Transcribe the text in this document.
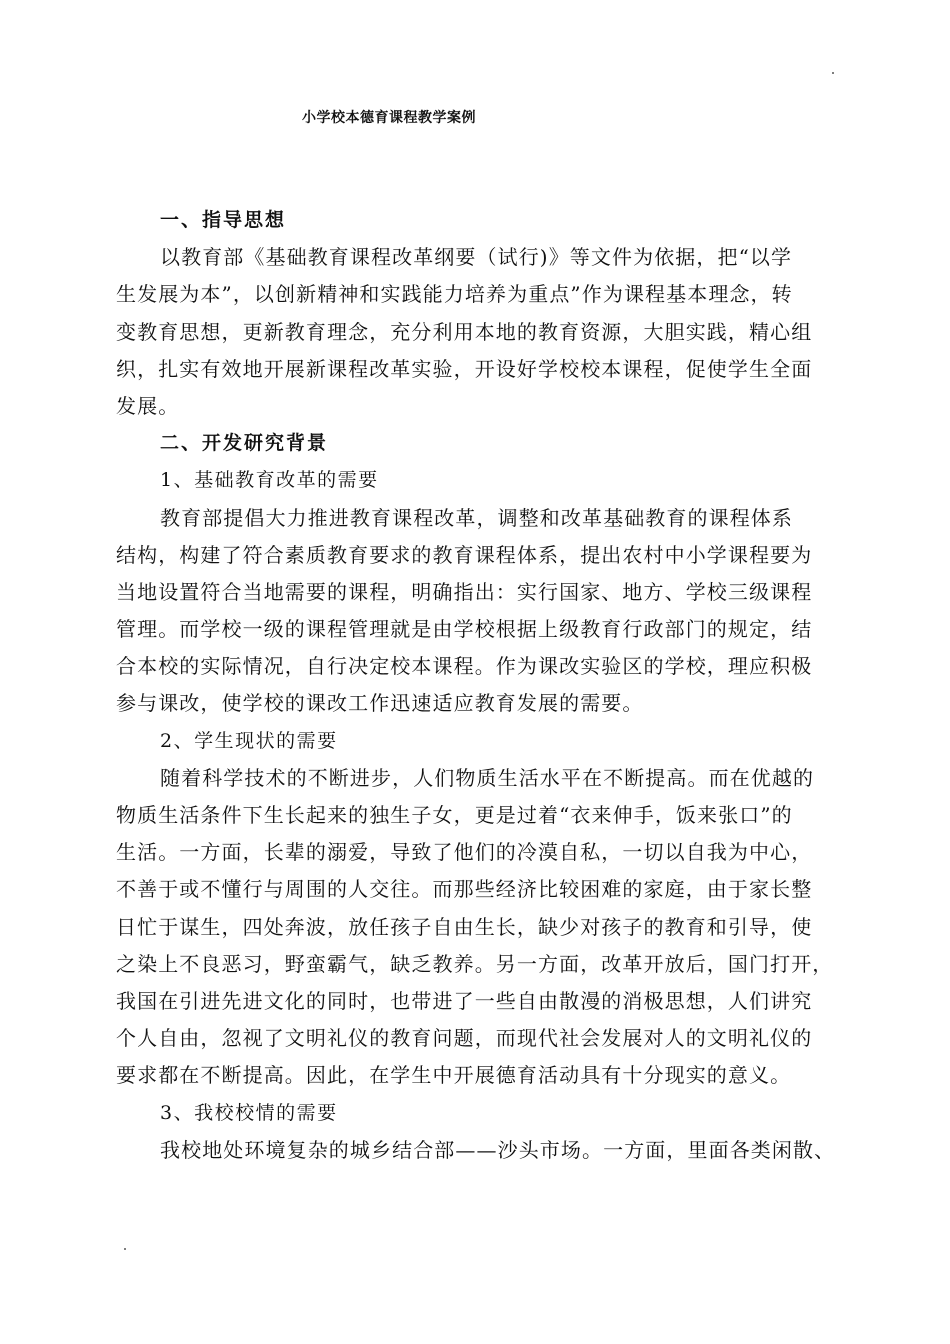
小学校本德育课程教学案例
一、指导思想
以教育部《基础教育课程改革纲要（试行)》等文件为依据，把“以学
生发展为本”，以创新精神和实践能力培养为重点”作为课程基本理念，转
变教育思想，更新教育理念，充分利用本地的教育资源，大胆实践，精心组
织，扎实有效地开展新课程改革实验，开设好学校校本课程，促使学生全面
发展。
二、开发研究背景
1、基础教育改革的需要
教育部提倡大力推进教育课程改革，调整和改革基础教育的课程体系
结构，构建了符合素质教育要求的教育课程体系，提出农村中小学课程要为
当地设置符合当地需要的课程，明确指出：实行国家、地方、学校三级课程
管理。而学校一级的课程管理就是由学校根据上级教育行政部门的规定，结
合本校的实际情况，自行决定校本课程。作为课改实验区的学校，理应积极
参与课改，使学校的课改工作迅速适应教育发展的需要。
2、学生现状的需要
随着科学技术的不断进步，人们物质生活水平在不断提高。而在优越的
物质生活条件下生长起来的独生子女，更是过着“衣来伸手，饭来张口”的
生活。一方面，长辈的溺爱，导致了他们的冷漠自私，一切以自我为中心，
不善于或不懂行与周围的人交往。而那些经济比较困难的家庭，由于家长整
日忙于谋生，四处奔波，放任孩子自由生长，缺少对孩子的教育和引导，使
之染上不良恶习，野蛮霸气，缺乏教养。另一方面，改革开放后，国门打开，
我国在引进先进文化的同时，也带进了一些自由散漫的消极思想，人们讲究
个人自由，忽视了文明礼仪的教育问题，而现代社会发展对人的文明礼仪的
要求都在不断提高。因此，在学生中开展德育活动具有十分现实的意义。
3、我校校情的需要
我校地处环境复杂的城乡结合部——沙头市场。一方面，里面各类闲散、
